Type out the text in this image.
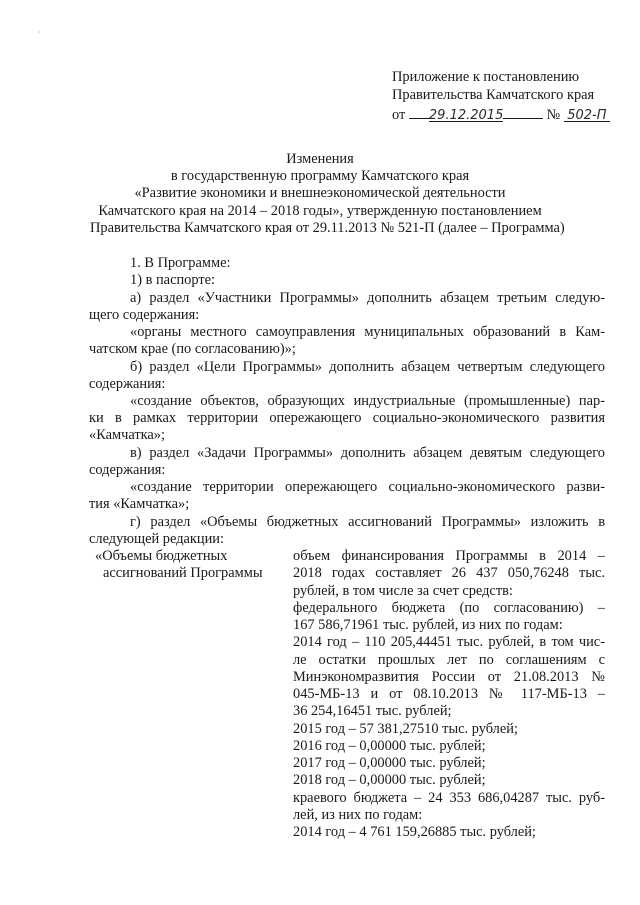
·
Приложение к постановлению
Правительства Камчатского края
от 29.12.2015	№ 502-П
Изменения
в государственную программу Камчатского края
«Развитие экономики и внешнеэкономической деятельности
Камчатского края на 2014 – 2018 годы», утвержденную постановлением
Правительства Камчатского края от 29.11.2013 № 521-П (далее – Программа)
1. В Программе:
1) в паспорте:
а) раздел «Участники Программы» дополнить абзацем третьим следую-
щего содержания:
«органы местного самоуправления муниципальных образований в Кам-
чатском крае (по согласованию)»;
б) раздел «Цели Программы» дополнить абзацем четвертым следующего
содержания:
«создание объектов, образующих индустриальные (промышленные) пар-
ки в рамках территории опережающего социально-экономического развития
«Камчатка»;
в) раздел «Задачи Программы» дополнить абзацем девятым следующего
содержания:
«создание территории опережающего социально-экономического разви-
тия «Камчатка»;
г) раздел «Объемы бюджетных ассигнований Программы» изложить в
следующей редакции:
«Объемы бюджетных
ассигнований Программы
объем финансирования Программы в 2014 –
2018 годах составляет 26 437 050,76248 тыс.
рублей, в том числе за счет средств:
федерального бюджета (по согласованию) –
167 586,71961 тыс. рублей, из них по годам:
2014 год – 110 205,44451 тыс. рублей, в том чис-
ле остатки прошлых лет по соглашениям с
Минэкономразвития России от 21.08.2013 №
045-МБ-13 и от 08.10.2013 № 117-МБ-13 –
36 254,16451 тыс. рублей;
2015 год – 57 381,27510 тыс. рублей;
2016 год – 0,00000 тыс. рублей;
2017 год – 0,00000 тыс. рублей;
2018 год – 0,00000 тыс. рублей;
краевого бюджета – 24 353 686,04287 тыс. руб-
лей, из них по годам:
2014 год – 4 761 159,26885 тыс. рублей;
